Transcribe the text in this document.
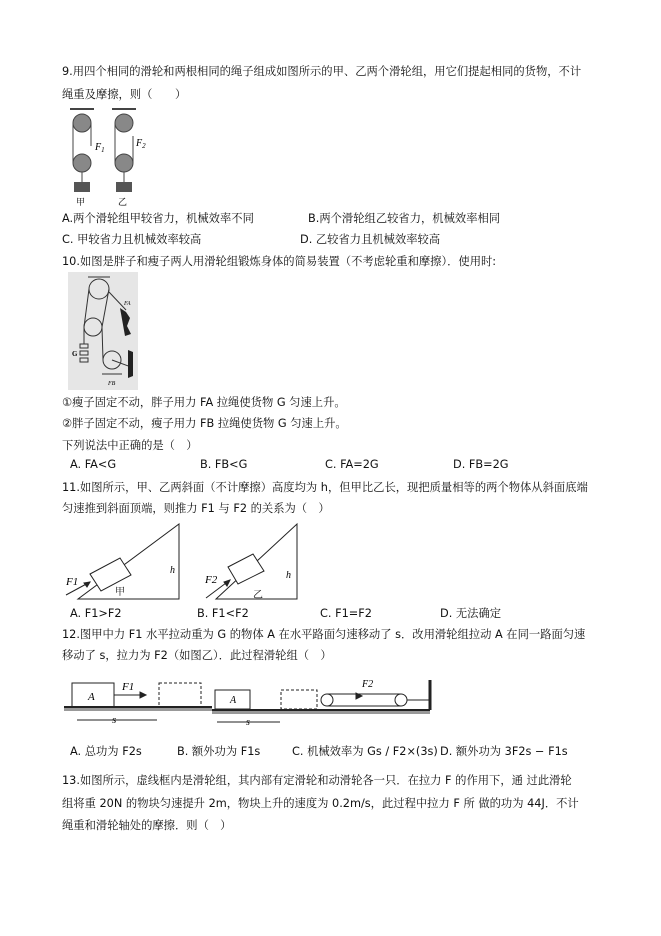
9.用四个相同的滑轮和两根相同的绳子组成如图所示的甲、乙两个滑轮组，用它们提起相同的货物，不计
绳重及摩擦，则（　　）
$F_1$
$F_2$
甲	乙
A.两个滑轮组甲较省力，机械效率不同	B.两个滑轮组乙较省力，机械效率相同
C. 甲较省力且机械效率较高	D. 乙较省力且机械效率较高
10.如图是胖子和瘦子两人用滑轮组锻炼身体的简易装置（不考虑轮重和摩擦）．使用时:
FA
G
FB
①瘦子固定不动，胖子用力 FA 拉绳使货物 G 匀速上升。
②胖子固定不动，瘦子用力 FB 拉绳使货物 G 匀速上升。
下列说法中正确的是（　）
A. FA<G	B. FB<G	C. FA=2G	D. FB=2G
11.如图所示，甲、乙两斜面（不计摩擦）高度均为 h，但甲比乙长，现把质量相等的两个物体从斜面底端
匀速推到斜面顶端，则推力 F1 与 F2 的关系为（　）
F1	F2
h	h
甲	乙
A. F1>F2	B. F1<F2	C. F1=F2	D. 无法确定
12.图甲中力 F1 水平拉动重为 G 的物体 A 在水平路面匀速移动了 s．改用滑轮组拉动 A 在同一路面匀速
移动了 s，拉力为 F2（如图乙）．此过程滑轮组（　）
A	A
F1	F2
s	s
A. 总功为 F2s	B. 额外功为 F1s	C. 机械效率为 Gs / F2×(3s) D. 额外功为 3F2s − F1s
13.如图所示，虚线框内是滑轮组，其内部有定滑轮和动滑轮各一只．在拉力 F 的作用下，通 过此滑轮
组将重 20N 的物块匀速提升 2m，物块上升的速度为 0.2m/s，此过程中拉力 F 所 做的功为 44J．不计
绳重和滑轮轴处的摩擦．则（　）
